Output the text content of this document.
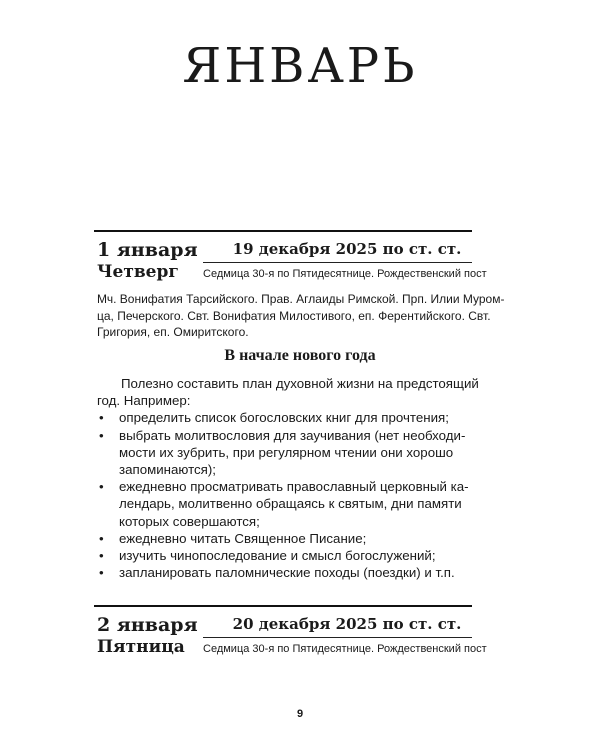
ЯНВАРЬ
1 января	19 декабря 2025 по ст. ст.
Четверг Седмица 30-я по Пятидесятнице. Рождественский пост
Мч. Вонифатия Тарсийского. Прав. Аглаиды Римской. Прп. Илии Муром-
ца, Печерского. Свт. Вонифатия Милостивого, еп. Ферентийского. Свт.
Григория, еп. Омиритского.
В начале нового года
Полезно составить план духовной жизни на предстоящий
год. Например:
• определить список богословских книг для прочтения;
• выбрать молитвословия для заучивания (нет необходи-
мости их зубрить, при регулярном чтении они хорошо
запоминаются);
• ежедневно просматривать православный церковный ка-
лендарь, молитвенно обращаясь к святым, дни памяти
которых совершаются;
• ежедневно читать Священное Писание;
• изучить чинопоследование и смысл богослужений;
• запланировать паломнические походы (поездки) и т.п.
2 января	20 декабря 2025 по ст. ст.
Пятница Седмица 30-я по Пятидесятнице. Рождественский пост
9
